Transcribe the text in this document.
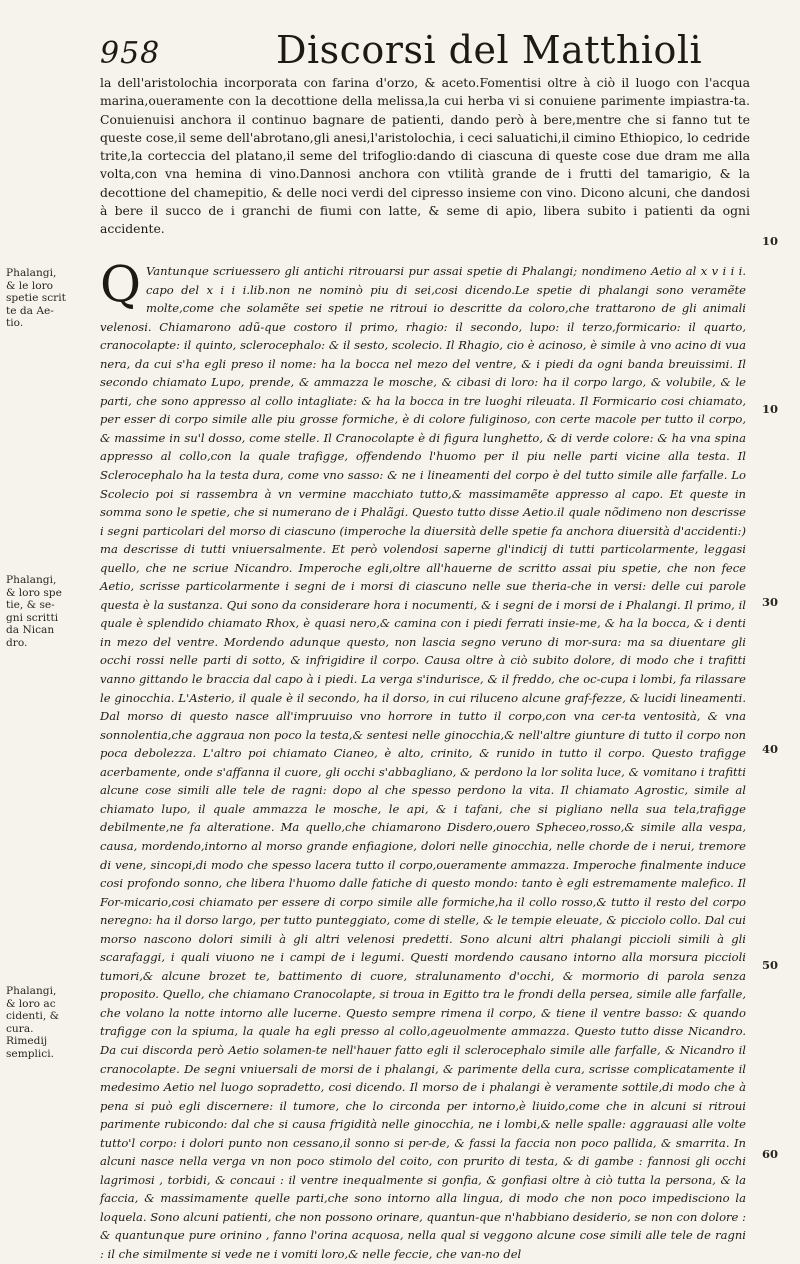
958	Discorsi del Matthioli

la dell'aristolochia incorporata con farina d'orzo, & aceto.Fomentisi oltre à ciò il luogo con l'acqua marina,oueramente con la decottione della melissa,la cui herba vi si conuiene parimente impiastra-ta. Conuienuisi anchora il continuo bagnare de patienti, dando però à bere,mentre che si fanno tut te queste cose,il seme dell'abrotano,gli anesi,l'aristolochia, i ceci saluatichi,il cimino Ethiopico, lo cedride trite,la corteccia del platano,il seme del trifoglio:dando di ciascuna di queste cose due dram me alla volta,con vna hemina di vino.Dannosi anchora con vtilità grande de i frutti del tamarigio, & la decottione del chamepitio, & delle noci verdi del cipresso insieme con vino. Dicono alcuni, che dandosi à bere il succo de i granchi de fiumi con latte, & seme di apio, libera subito i patienti da ogni accidente.

Q Vantunque scriuessero gli antichi ritrouarsi pur assai spetie di Phalangi; nondimeno Aetio al x v i i i. capo del x i i i.lib.non ne nominò piu di sei,cosi dicendo.Le spetie di phalangi sono veramẽte molte,come che solamẽte sei spetie ne ritroui io descritte da coloro,che trattarono de gli animali velenosi. Chiamarono adũ-que costoro il primo, rhagio: il secondo, lupo: il terzo,formicario: il quarto, cranocolapte: il quinto, sclerocephalo: & il sesto, scolecio. Il Rhagio, cio è acinoso, è simile à vno acino di vua nera, da cui s'ha egli preso il nome: ha la bocca nel mezo del ventre, & i piedi da ogni banda breuissimi. Il secondo chiamato Lupo, prende, & ammazza le mosche, & cibasi di loro: ha il corpo largo, & volubile, & le parti, che sono appresso al collo intagliate: & ha la bocca in tre luoghi rileuata. Il Formicario cosi chiamato, per esser di corpo simile alle piu grosse formiche, è di colore fuliginoso, con certe macole per tutto il corpo, & massime in su'l dosso, come stelle. Il Cranocolapte è di figura lunghetto, & di verde colore: & ha vna spina appresso al collo,con la quale trafigge, offendendo l'huomo per il piu nelle parti vicine alla testa. Il Sclerocephalo ha la testa dura, come vno sasso: & ne i lineamenti del corpo è del tutto simile alle farfalle. Lo Scolecio poi si rassembra à vn vermine macchiato tutto,& massimamẽte appresso al capo. Et queste in somma sono le spetie, che si numerano de i Phalãgi. Questo tutto disse Aetio.il quale nõdimeno non descrisse i segni particolari del morso di ciascuno (imperoche la diuersità delle spetie fa anchora diuersità d'accidenti:) ma descrisse di tutti vniuersalmente. Et però volendosi saperne gl'indicij di tutti particolarmente, leggasi quello, che ne scriue Nicandro. Imperoche egli,oltre all'hauerne de scritto assai piu spetie, che non fece Aetio, scrisse particolarmente i segni de i morsi di ciascuno nelle sue theria-che in versi: delle cui parole questa è la sustanza. Qui sono da considerare hora i nocumenti, & i segni de i morsi de i Phalangi. Il primo, il quale è splendido chiamato Rhox, è quasi nero,& camina con i piedi ferrati insie-me, & ha la bocca, & i denti in mezo del ventre. Mordendo adunque questo, non lascia segno veruno di mor-sura: ma sa diuentare gli occhi rossi nelle parti di sotto, & infrigidire il corpo. Causa oltre à ciò subito dolore, di modo che i trafitti vanno gittando le braccia dal capo à i piedi. La verga s'indurisce, & il freddo, che oc-cupa i lombi, fa rilassare le ginocchia. L'Asterio, il quale è il secondo, ha il dorso, in cui riluceno alcune graf-fezze, & lucidi lineamenti. Dal morso di questo nasce all'impruuiso vno horrore in tutto il corpo,con vna cer-ta ventosità, & vna sonnolentia,che aggraua non poco la testa,& sentesi nelle ginocchia,& nell'altre giunture di tutto il corpo non poca debolezza. L'altro poi chiamato Cianeo, è alto, crinito, & runido in tutto il corpo. Questo trafigge acerbamente, onde s'affanna il cuore, gli occhi s'abbagliano, & perdono la lor solita luce, & vomitano i trafitti alcune cose simili alle tele de ragni: dopo al che spesso perdono la vita. Il chiamato Agrostic, simile al chiamato lupo, il quale ammazza le mosche, le api, & i tafani, che si pigliano nella sua tela,trafigge debilmente,ne fa alteratione. Ma quello,che chiamarono Disdero,ouero Spheceo,rosso,& simile alla vespa, causa, mordendo,intorno al morso grande enfiagione, dolori nelle ginocchia, nelle chorde de i nerui, tremore di vene, sincopi,di modo che spesso lacera tutto il corpo,oueramente ammazza. Imperoche finalmente induce cosi profondo sonno, che libera l'huomo dalle fatiche di questo mondo: tanto è egli estremamente malefico. Il For-micario,cosi chiamato per essere di corpo simile alle formiche,ha il collo rosso,& tutto il resto del corpo neregno: ha il dorso largo, per tutto punteggiato, come di stelle, & le tempie eleuate, & picciolo collo. Dal cui morso nascono dolori simili à gli altri velenosi predetti. Sono alcuni altri phalangi piccioli simili à gli scarafaggi, i quali viuono ne i campi de i legumi. Questi mordendo causano intorno alla morsura piccioli tumori,& alcune brozet te, battimento di cuore, stralunamento d'occhi, & mormorio di parola senza proposito. Quello, che chiamano Cranocolapte, si troua in Egitto tra le frondi della persea, simile alle farfalle, che volano la notte intorno alle lucerne. Questo sempre rimena il corpo, & tiene il ventre basso: & quando trafigge con la spiuma, la quale ha egli presso al collo,ageuolmente ammazza. Questo tutto disse Nicandro. Da cui discorda però Aetio solamen-te nell'hauer fatto egli il sclerocephalo simile alle farfalle, & Nicandro il cranocolapte. De segni vniuersali de morsi de i phalangi, & parimente della cura, scrisse complicatamente il medesimo Aetio nel luogo sopradetto, cosi dicendo. Il morso de i phalangi è veramente sottile,di modo che à pena si può egli discernere: il tumore, che lo circonda per intorno,è liuido,come che in alcuni si ritroui parimente rubicondo: dal che si causa frigidità nelle ginocchia, ne i lombi,& nelle spalle: aggrauasi alle volte tutto'l corpo: i dolori punto non cessano,il sonno si per-de, & fassi la faccia non poco pallida, & smarrita. In alcuni nasce nella verga vn non poco stimolo del coito, con prurito di testa, & di gambe : fannosi gli occhi lagrimosi , torbidi, & concaui : il ventre inequalmente si gonfia, & gonfiasi oltre à ciò tutta la persona, & la faccia, & massimamente quelle parti,che sono intorno alla lingua, di modo che non poco impedisciono la loquela. Sono alcuni patienti, che non possono orinare, quantun-que n'habbiano desiderio, se non con dolore : & quantunque pure orinino , fanno l'orina acquosa, nella qual si veggono alcune cose simili alle tele de ragni : il che similmente si vede ne i vomiti loro,& nelle feccie, che van-no del

Phalangi,
& le loro
spetie scrit
te da Ae-
tio.
Phalangi,
& loro spe
tie, & se-
gni scritti
da Nican
dro.
Phalangi,
& loro ac
cidenti, &
cura.
Rimedij
semplici.
10
10
30
40
50
60
